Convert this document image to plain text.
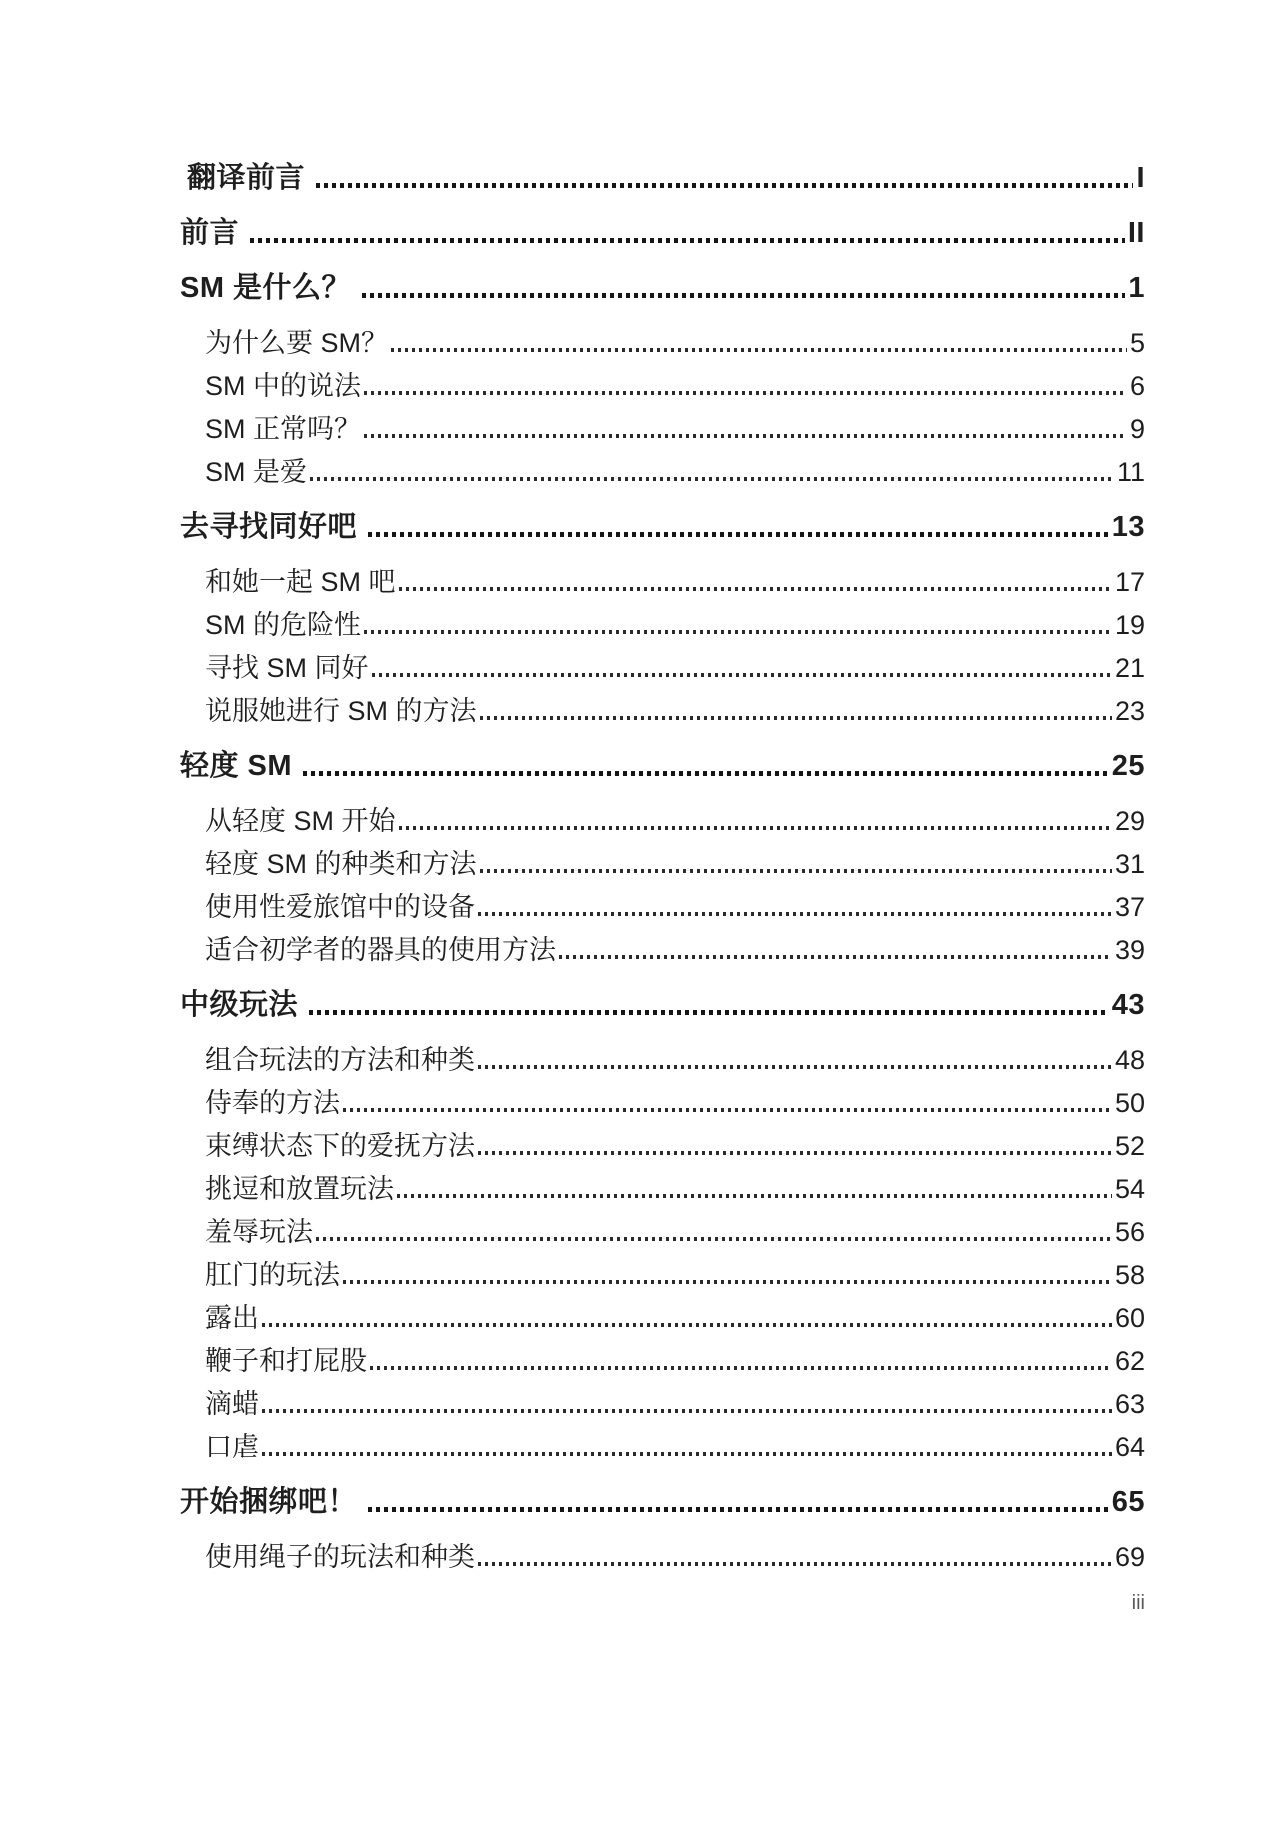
翻译前言	I
前言	II
SM 是什么？	1
为什么要 SM？	5
SM 中的说法	6
SM 正常吗？	9
SM 是爱	11
去寻找同好吧	13
和她一起 SM 吧	17
SM 的危险性	19
寻找 SM 同好	21
说服她进行 SM 的方法	23
轻度 SM	25
从轻度 SM 开始	29
轻度 SM 的种类和方法	31
使用性爱旅馆中的设备	37
适合初学者的器具的使用方法	39
中级玩法	43
组合玩法的方法和种类	48
侍奉的方法	50
束缚状态下的爱抚方法	52
挑逗和放置玩法	54
羞辱玩法	56
肛门的玩法	58
露出	60
鞭子和打屁股	62
滴蜡	63
口虐	64
开始捆绑吧！	65
使用绳子的玩法和种类	69
iii
